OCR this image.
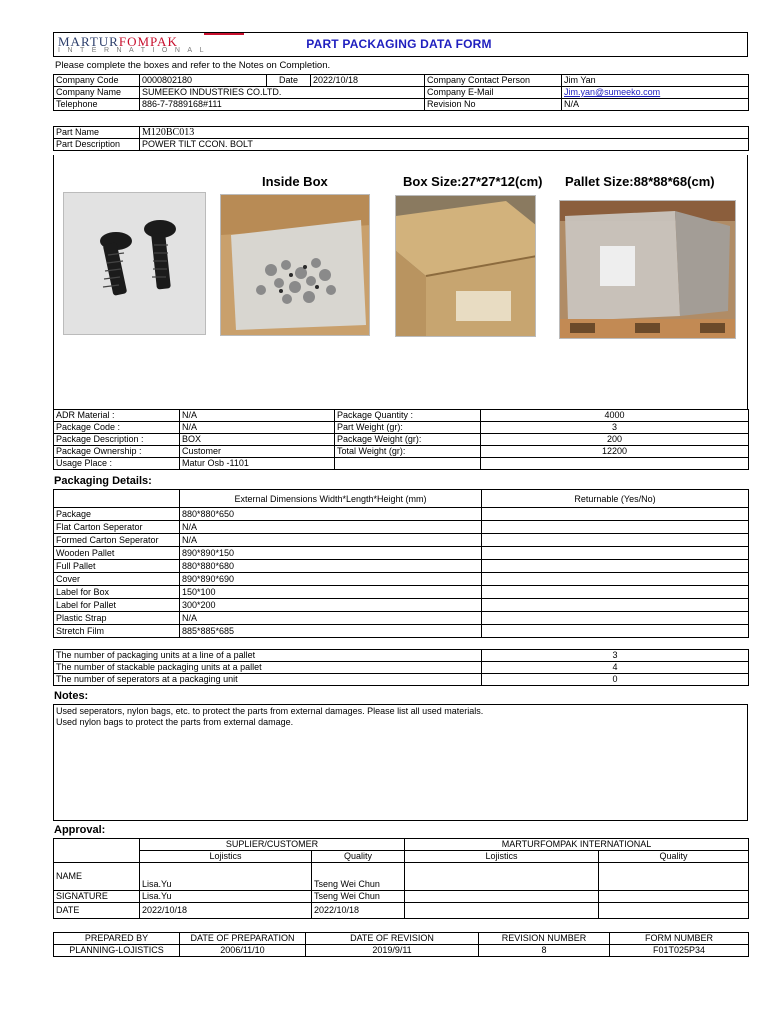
MARTURFOMPAK
INTERNATIONAL	PART PACKAGING DATA FORM
Please complete the boxes and refer to the Notes on Completion.
Company Code	0000802180	Date	2022/10/18	Company Contact Person	Jim Yan
Company Name	SUMEEKO INDUSTRIES CO.LTD.			Company E-Mail	Jim.yan@sumeeko.com
Telephone	886-7-7889168#111			Revision No	N/A
Part Name	M120BC013
Part Description	POWER TILT CCON. BOLT
Inside Box	Box Size:27*27*12(cm) Pallet Size:88*88*68(cm)
ADR Material :	N/A	Package Quantity :	4000
Package Code :	N/A	Part Weight (gr):	3
Package Description :	BOX	Package Weight (gr):	200
Package Ownership :	Customer	Total Weight (gr):	12200
Usage Place :	Matur Osb -1101		
Packaging Details:
	External Dimensions Width*Length*Height (mm)	Returnable (Yes/No)
Package	880*880*650	
Flat Carton Seperator	N/A	
Formed Carton Seperator	N/A	
Wooden Pallet	890*890*150	
Full Pallet	880*880*680	
Cover	890*890*690	
Label for Box	150*100	
Label for Pallet	300*200	
Plastic Strap	N/A	
Stretch Film	885*885*685	
The number of packaging units at a line of a pallet	3
The number of stackable packaging units at a pallet	4
The number of seperators at a packaging unit	0
Notes:
Used seperators, nylon bags, etc. to protect the parts from external damages. Please list all used materials.
Used nylon bags to protect the parts from external damage.
Approval:
	SUPLIER/CUSTOMER		MARTURFOMPAK INTERNATIONAL	
	Lojistics	Quality	Lojistics	Quality
NAME	Lisa.Yu	Tseng Wei Chun		
SIGNATURE	Lisa.Yu	Tseng Wei Chun		
DATE	2022/10/18	2022/10/18		
PREPARED BY	DATE OF PREPARATION	DATE OF REVISION	REVISION NUMBER	FORM NUMBER
PLANNING-LOJISTICS	2006/11/10	2019/9/11	8	F01T025P34
